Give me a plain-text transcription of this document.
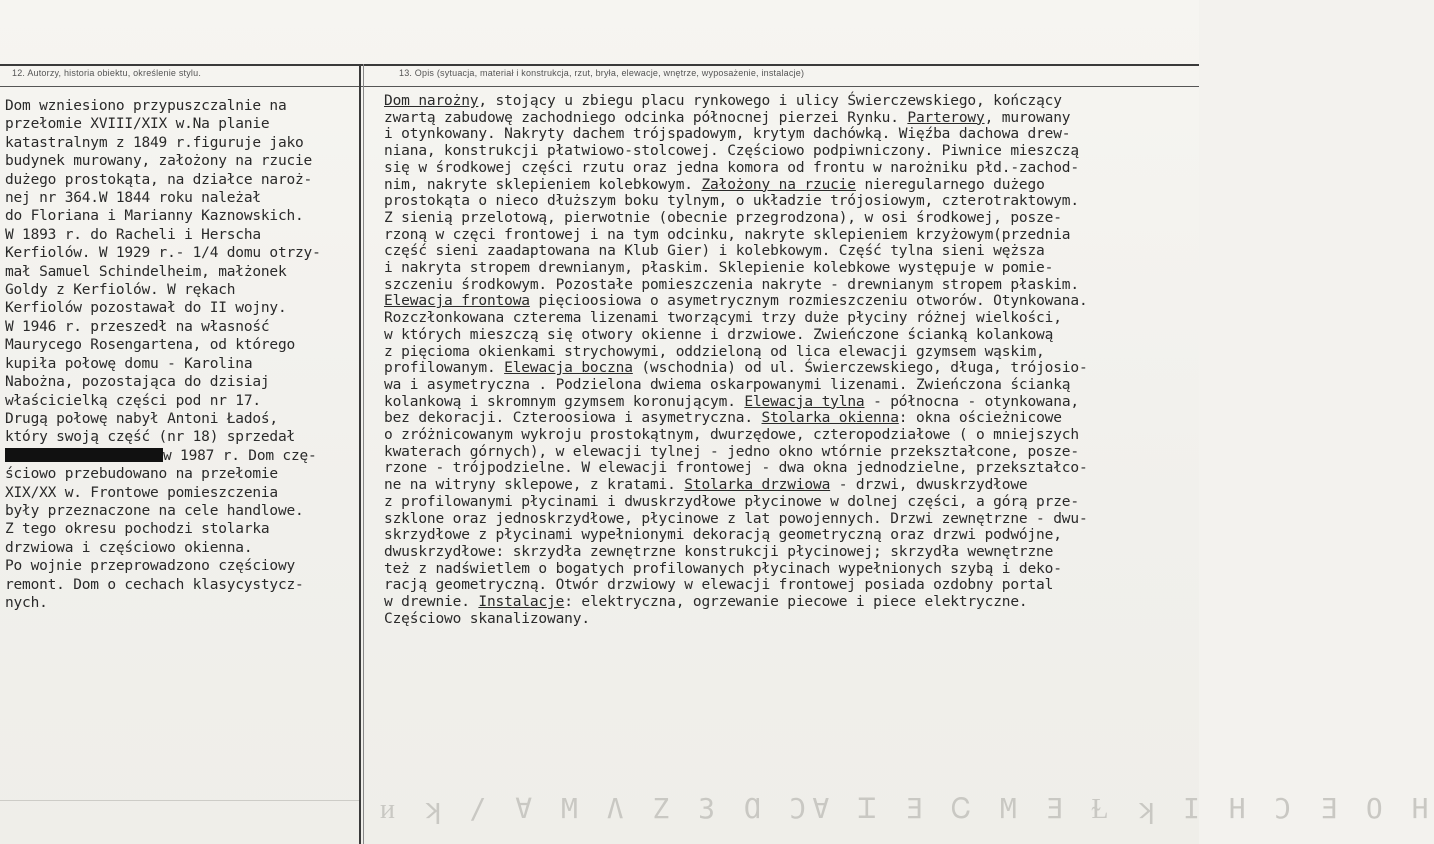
12. Autorzy, historia obiektu, określenie stylu.	13. Opis (sytuacja, materiał i konstrukcja, rzut, bryła, elewacje, wnętrze, wyposażenie, instalacje)
Dom wzniesiono przypuszczalnie na
przełomie XVIII/XIX w.Na planie
katastralnym z 1849 r.figuruje jako
budynek murowany, założony na rzucie
dużego prostokąta, na działce naroż-
nej nr 364.W 1844 roku należał
do Floriana i Marianny Kaznowskich.
W 1893 r. do Racheli i Herscha
Kerfiolów. W 1929 r.- 1/4 domu otrzy-
mał Samuel Schindelheim, małżonek
Goldy z Kerfiolów. W rękach
Kerfiolów pozostawał do II wojny.
W 1946 r. przeszedł na własność
Maurycego Rosengartena, od którego
kupiła połowę domu - Karolina
Nabożna, pozostająca do dzisiaj
właścicielką części pod nr 17.
Drugą połowę nabył Antoni Ładoś,
który swoją część (nr 18) sprzedał
w 1987 r. Dom czę-
ściowo przebudowano na przełomie
XIX/XX w. Frontowe pomieszczenia
były przeznaczone na cele handlowe.
Z tego okresu pochodzi stolarka
drzwiowa i częściowo okienna.
Po wojnie przeprowadzono częściowy
remont. Dom o cechach klasycystycz-
nych.
Dom narożny, stojący u zbiegu placu rynkowego i ulicy Świerczewskiego, kończący
zwartą zabudowę zachodniego odcinka północnej pierzei Rynku. Parterowy, murowany
i otynkowany. Nakryty dachem trójspadowym, krytym dachówką. Więźba dachowa drew-
niana, konstrukcji płatwiowo-stolcowej. Częściowo podpiwniczony. Piwnice mieszczą
się w środkowej części rzutu oraz jedna komora od frontu w narożniku płd.-zachod-
nim, nakryte sklepieniem kolebkowym. Założony na rzucie nieregularnego dużego
prostokąta o nieco dłuższym boku tylnym, o układzie trójosiowym, czterotraktowym.
Z sienią przelotową, pierwotnie (obecnie przegrodzona), w osi środkowej, posze-
rzoną w częci frontowej i na tym odcinku, nakryte sklepieniem krzyżowym(przednia
część sieni zaadaptowana na Klub Gier) i kolebkowym. Część tylna sieni węższa
i nakryta stropem drewnianym, płaskim. Sklepienie kolebkowe występuje w pomie-
szczeniu środkowym. Pozostałe pomieszczenia nakryte - drewnianym stropem płaskim.
Elewacja frontowa pięcioosiowa o asymetrycznym rozmieszczeniu otworów. Otynkowana.
Rozczłonkowana czterema lizenami tworzącymi trzy duże płyciny różnej wielkości,
w których mieszczą się otwory okienne i drzwiowe. Zwieńczone ścianką kolankową
z pięcioma okienkami strychowymi, oddzieloną od lica elewacji gzymsem wąskim,
profilowanym. Elewacja boczna (wschodnia) od ul. Świerczewskiego, długa, trójosio-
wa i asymetryczna . Podzielona dwiema oskarpowanymi lizenami. Zwieńczona ścianką
kolankową i skromnym gzymsem koronującym. Elewacja tylna - północna - otynkowana,
bez dekoracji. Czteroosiowa i asymetryczna. Stolarka okienna: okna ościeżnicowe
o zróżnicowanym wykroju prostokątnym, dwurzędowe, czteropodziałowe ( o mniejszych
kwaterach górnych), w elewacji tylnej - jedno okno wtórnie przekształcone, posze-
rzone - trójpodzielne. W elewacji frontowej - dwa okna jednodzielne, przekształco-
ne na witryny sklepowe, z kratami. Stolarka drzwiowa - drzwi, dwuskrzydłowe
z profilowanymi płycinami i dwuskrzydłowe płycinowe w dolnej części, a górą prze-
szklone oraz jednoskrzydłowe, płycinowe z lat powojennych. Drzwi zewnętrzne - dwu-
skrzydłowe z płycinami wypełnionymi dekoracją geometryczną oraz drzwi podwójne,
dwuskrzydłowe: skrzydła zewnętrzne konstrukcji płycinowej; skrzydła wewnętrzne
też z nadświetlem o bogatych profilowanych płycinach wypełnionych szybą i deko-
racją geometryczną. Otwór drzwiowy w elewacji frontowej posiada ozdobny portal
w drewnie. Instalacje: elektryczna, ogrzewanie piecowe i piece elektryczne.
Częściowo skanalizowany.
ᴎ ʞ / ∀ M Ʌ Z 3 Ɑ ƆⱯ Ꮖ Ǝ Ꮯ M Ǝ Ɫ ʞ I H Ɔ Ǝ O H
